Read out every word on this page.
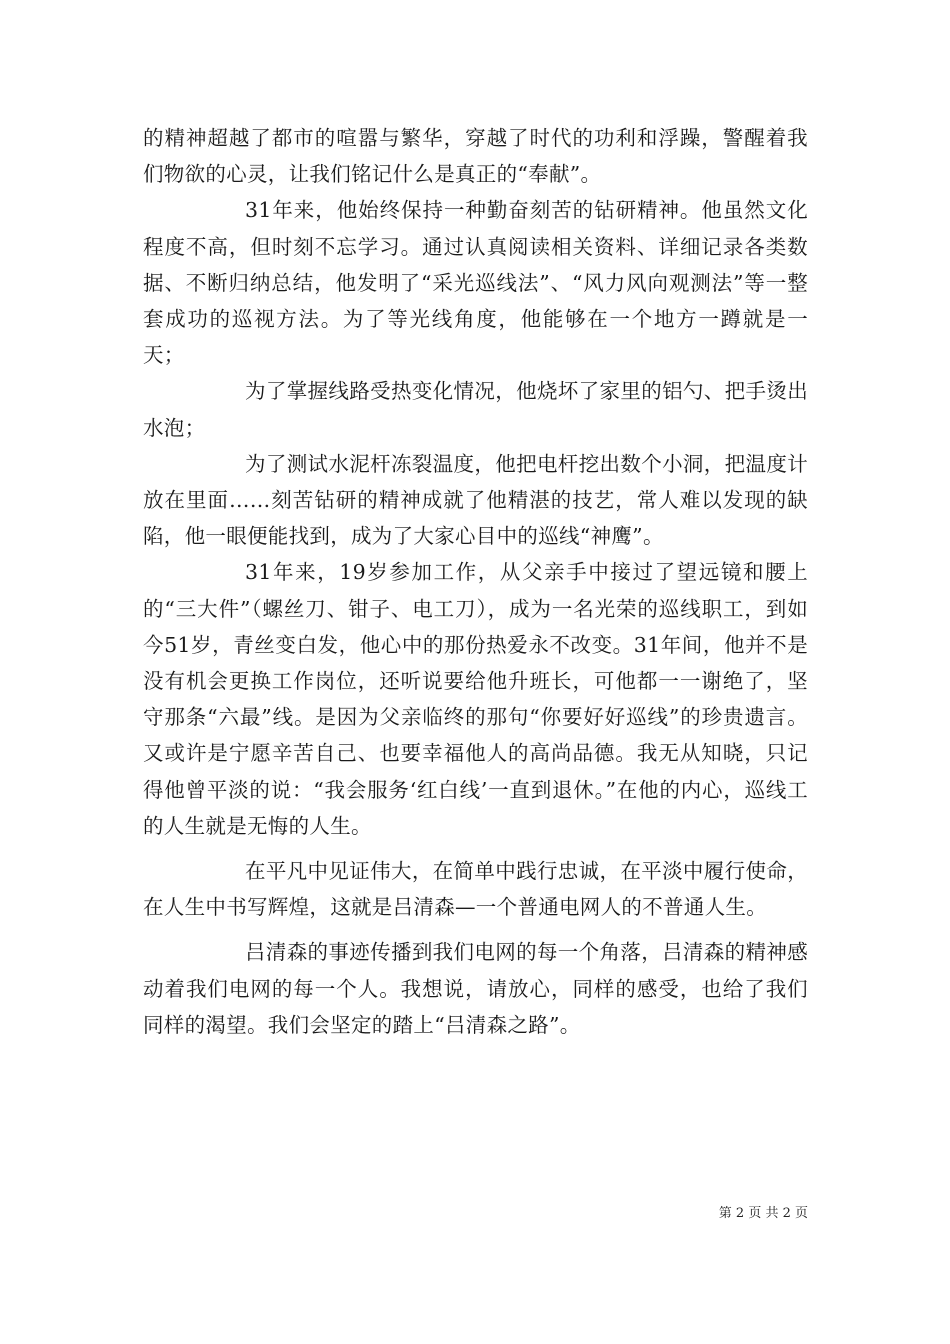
的精神超越了都市的喧嚣与繁华，穿越了时代的功利和浮躁，警醒着我们物欲的心灵，让我们铭记什么是真正的“奉献”。

31年来，他始终保持一种勤奋刻苦的钻研精神。他虽然文化程度不高，但时刻不忘学习。通过认真阅读相关资料、详细记录各类数据、不断归纳总结，他发明了“采光巡线法”、“风力风向观测法”等一整套成功的巡视方法。为了等光线角度，他能够在一个地方一蹲就是一天；

为了掌握线路受热变化情况，他烧坏了家里的铝勺、把手烫出水泡；

为了测试水泥杆冻裂温度，他把电杆挖出数个小洞，把温度计放在里面……刻苦钻研的精神成就了他精湛的技艺，常人难以发现的缺陷，他一眼便能找到，成为了大家心目中的巡线“神鹰”。

31年来，19岁参加工作，从父亲手中接过了望远镜和腰上的“三大件”（螺丝刀、钳子、电工刀），成为一名光荣的巡线职工，到如今51岁，青丝变白发，他心中的那份热爱永不改变。31年间，他并不是没有机会更换工作岗位，还听说要给他升班长，可他都一一谢绝了，坚守那条“六最”线。是因为父亲临终的那句“你要好好巡线”的珍贵遗言。又或许是宁愿辛苦自己、也要幸福他人的高尚品德。我无从知晓，只记得他曾平淡的说：“我会服务‘红白线’一直到退休。”在他的内心，巡线工的人生就是无悔的人生。

在平凡中见证伟大，在简单中践行忠诚，在平淡中履行使命，在人生中书写辉煌，这就是吕清森—一个普通电网人的不普通人生。

吕清森的事迹传播到我们电网的每一个角落，吕清森的精神感动着我们电网的每一个人。我想说，请放心，同样的感受，也给了我们同样的渴望。我们会坚定的踏上“吕清森之路”。

第 2 页 共 2 页
